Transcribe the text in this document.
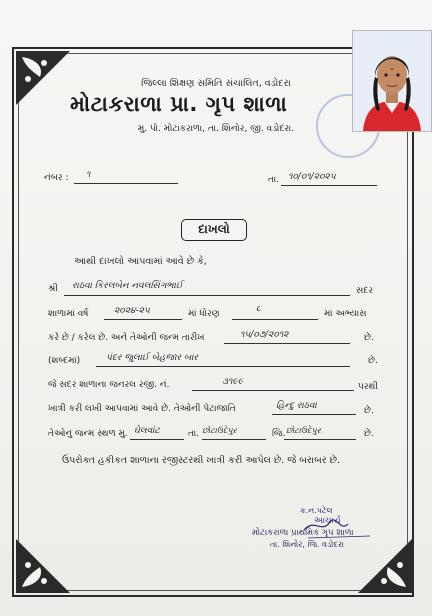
જિલ્લા શિક્ષણ સમિતિ સંચાલિત, વડોદરા
મોટાકરાળા પ્રા. ગૃપ શાળા
મુ. પો. મોટાકરાળા, તા. શિનોર, જી. વડોદરા.
નંબર : ૧	તા. ૧૦/૦૧/૨૦૨૫
દાખલો
આથી દાખલો આપવામાં આવે છે કે,
શ્રી રાઠવા કિરલબેન નવલસિંગભાઈ	સદર
શાળામાં વર્ષ	૨૦૨૪-૨૫	માં ધોરણ	૮	માં અભ્યાસ
કરે છે / કરેલ છે. અને તેઓની જન્મ તારીખ	૧૫/૦૭/૨૦૧૨	છે.
(શબ્દમાં)	પંદર જુલાઈ બેહજાર બાર	છે.
જે સદર શાળાના જનરલ રજી. નં.	૩૧૯૯	પરથી
ખાત્રી કરી લખી આપવામાં આવે છે. તેઓની પેટાજાતિ	હિન્દુ રાઠવા	છે.
તેઓનું જન્મ સ્થળ મુ. ઘેલવાંટ	તા. છોટાઉદેપુર	જિ. છોટાઉદેપુર	છે.
ઉપરોક્ત હકીકત શાળાના રજીસ્ટરથી ખાત્રી કરી આપેલ છે. જે બરાબર છે.
ક.ન.પટેલ
આચાર્ય
મોટાકરાળા પ્રાથમિક ગૃપ શાળા
તા. શિનોર, જિ. વડોદરા
